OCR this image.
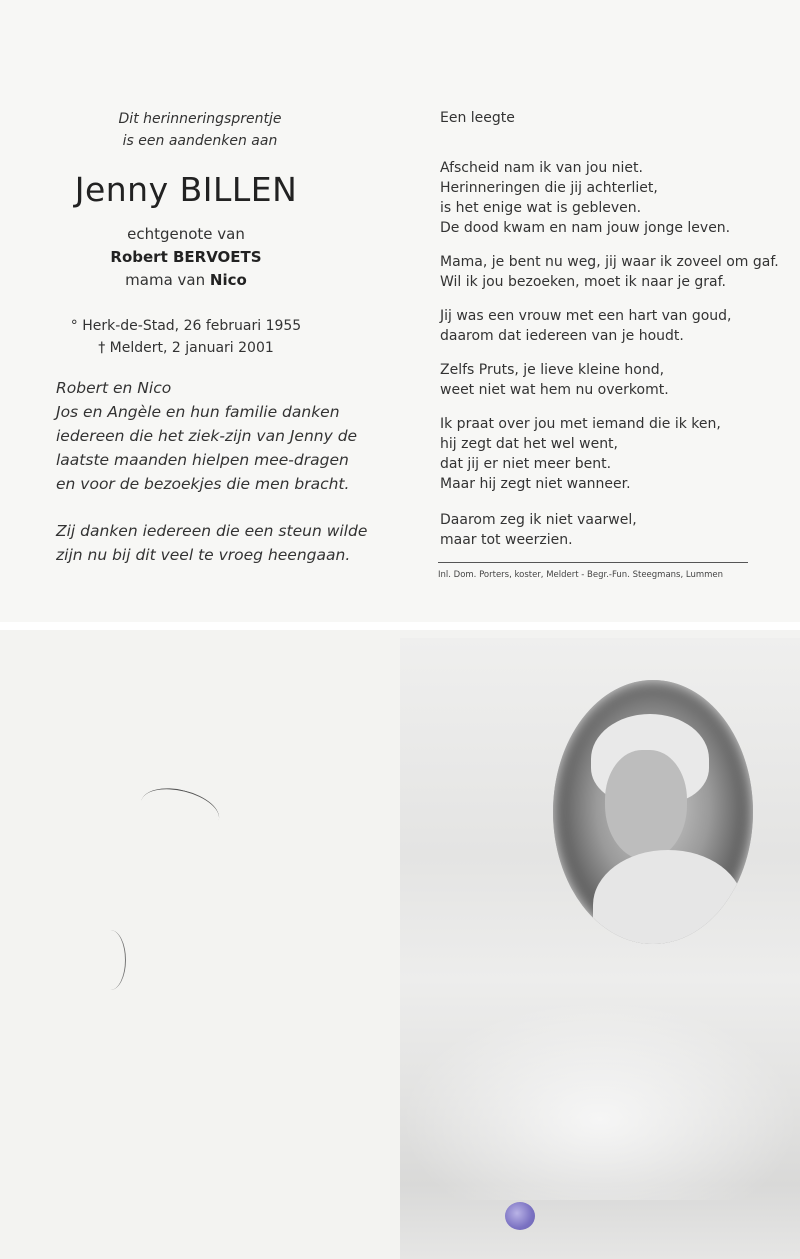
Dit herinneringsprentje
is een aandenken aan
Jenny BILLEN
echtgenote van
Robert BERVOETS
mama van Nico
° Herk-de-Stad, 26 februari 1955
† Meldert, 2 januari 2001
Robert en Nico
Jos en Angèle en hun familie danken
iedereen die het ziek-zijn van Jenny de
laatste maanden hielpen mee-dragen
en voor de bezoekjes die men bracht.
Zij danken iedereen die een steun wilde
zijn nu bij dit veel te vroeg heengaan.
Een leegte
Afscheid nam ik van jou niet.
Herinneringen die jij achterliet,
is het enige wat is gebleven.
De dood kwam en nam jouw jonge leven.
Mama, je bent nu weg, jij waar ik zoveel om gaf.
Wil ik jou bezoeken, moet ik naar je graf.
Jij was een vrouw met een hart van goud,
daarom dat iedereen van je houdt.
Zelfs Pruts, je lieve kleine hond,
weet niet wat hem nu overkomt.
Ik praat over jou met iemand die ik ken,
hij zegt dat het wel went,
dat jij er niet meer bent.
Maar hij zegt niet wanneer.
Daarom zeg ik niet vaarwel,
maar tot weerzien.
Inl. Dom. Porters, koster, Meldert - Begr.-Fun. Steegmans, Lummen
